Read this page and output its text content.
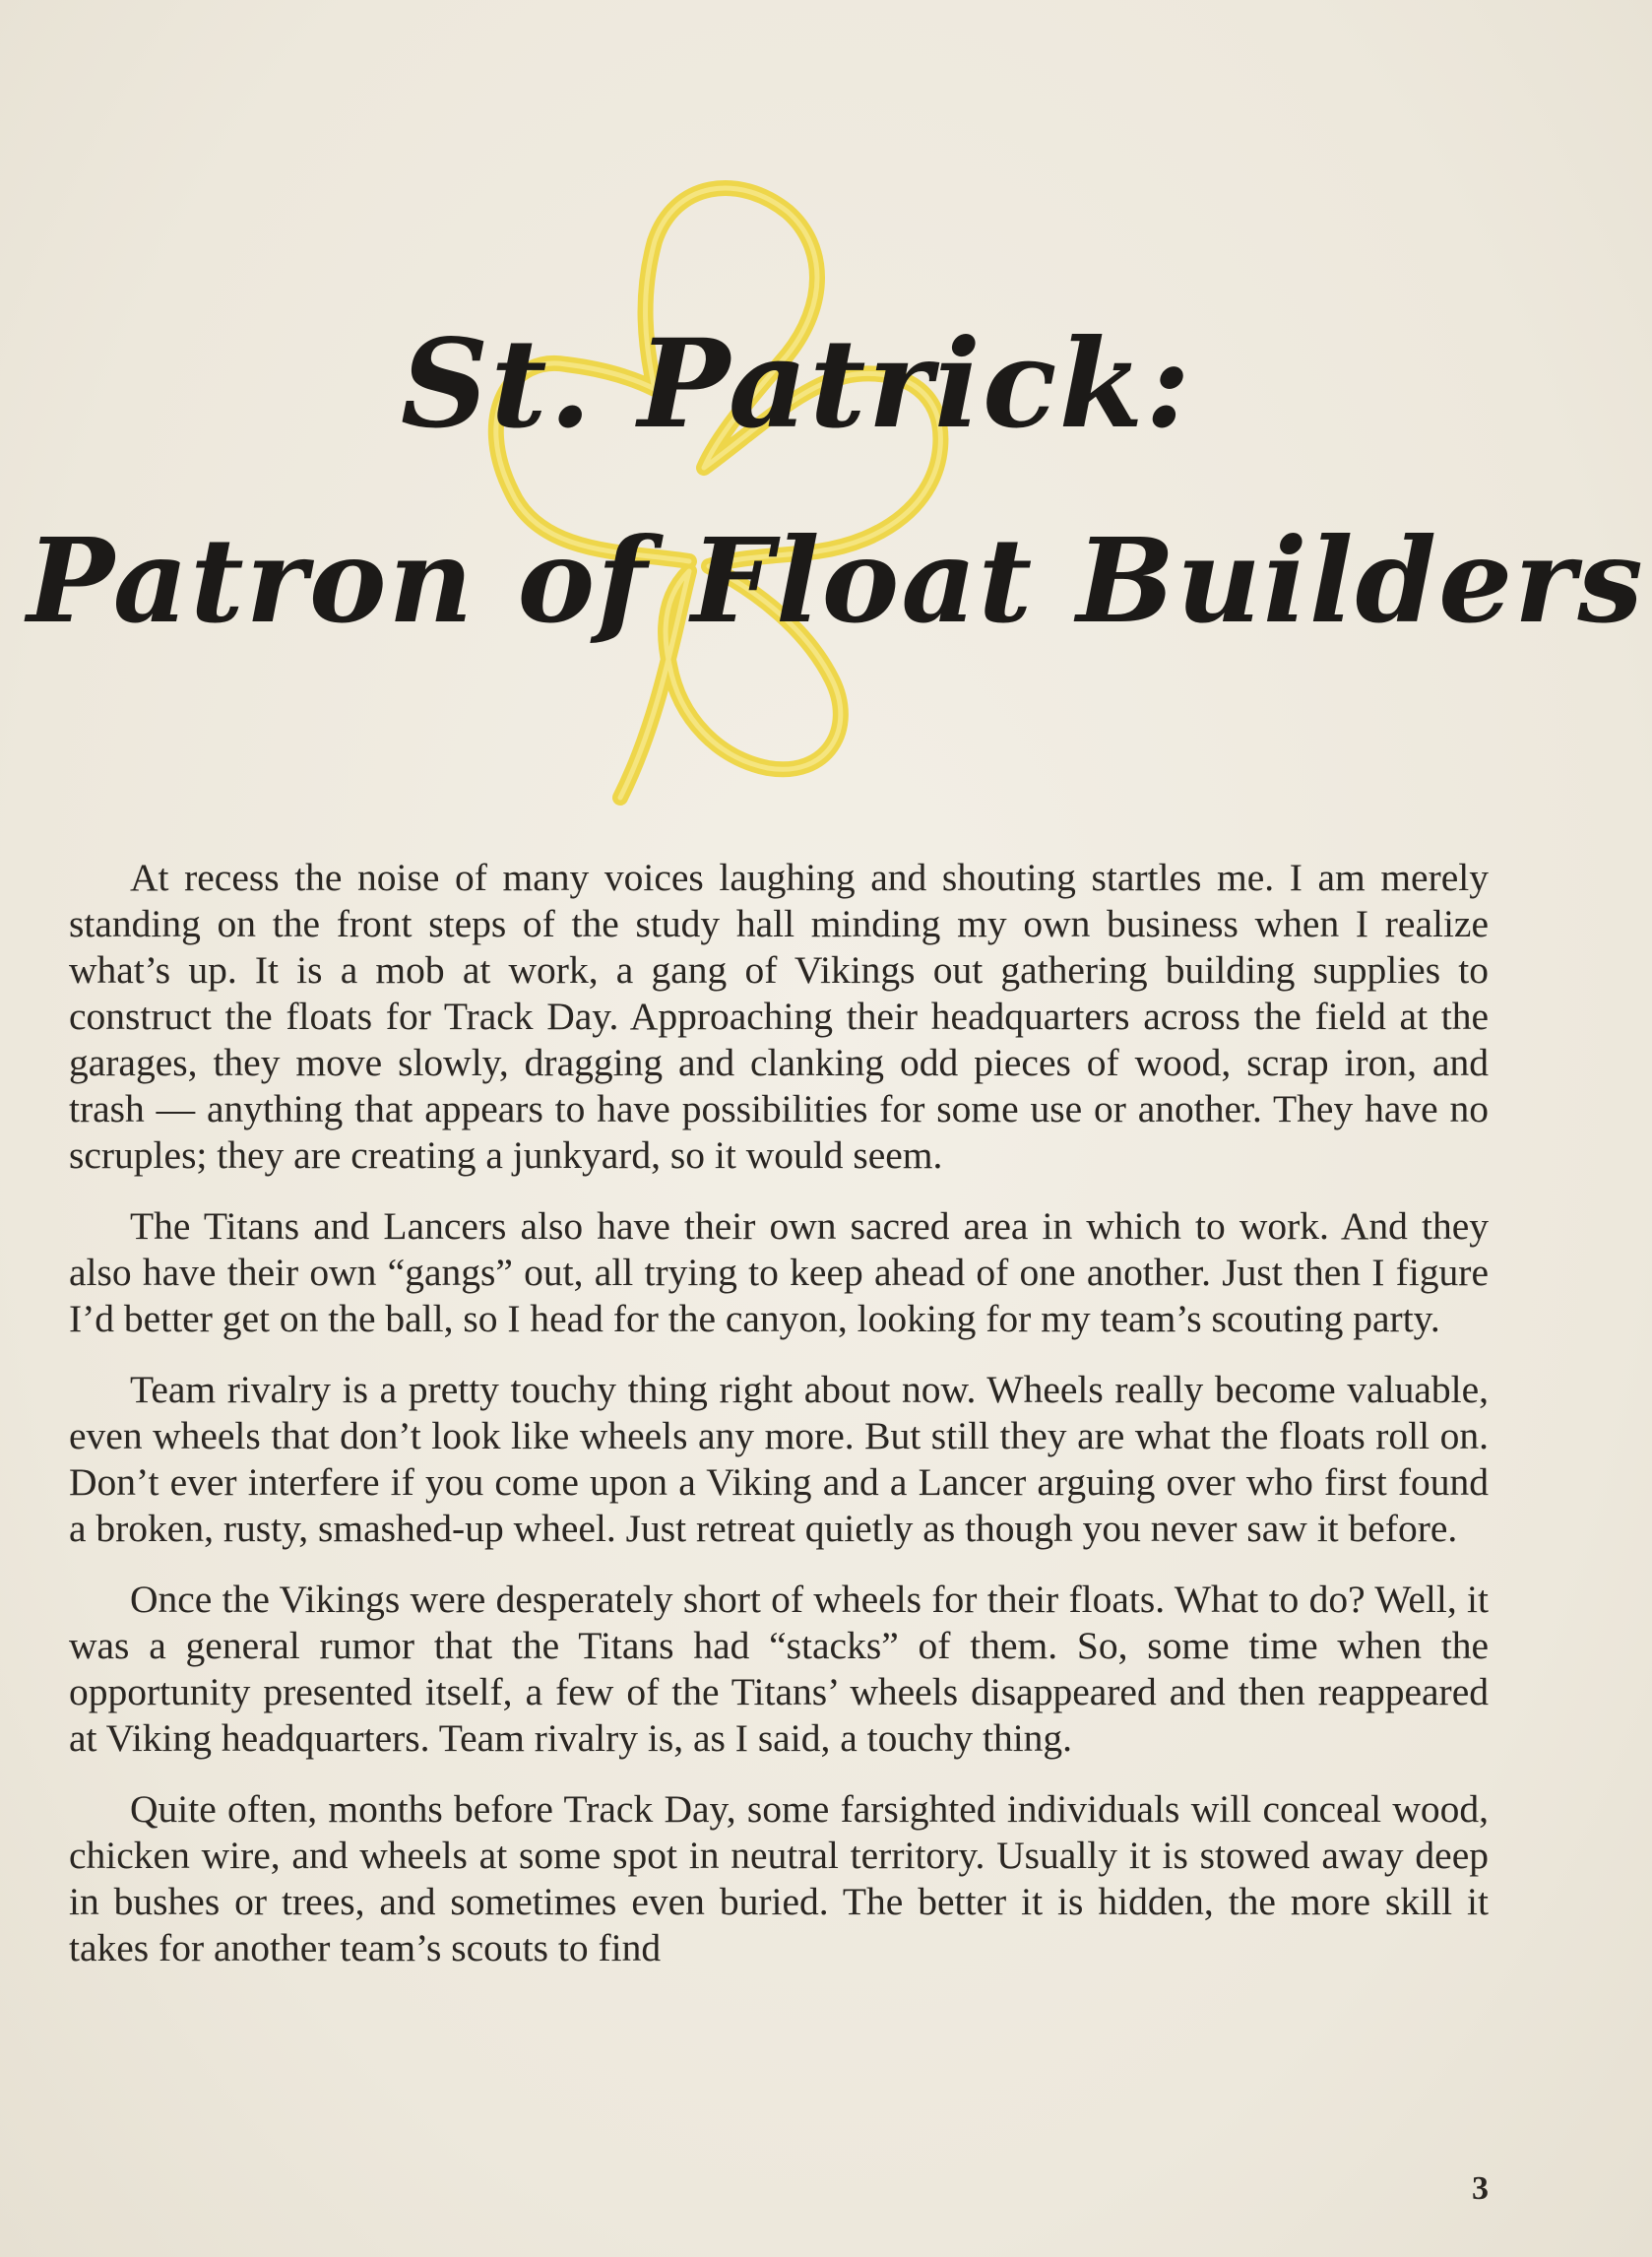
St. Patrick:
Patron of Float Builders

At recess the noise of many voices laughing and shouting startles me. I am merely standing on the front steps of the study hall minding my own business when I realize what’s up. It is a mob at work, a gang of Vikings out gathering building supplies to construct the floats for Track Day. Approaching their headquarters across the field at the garages, they move slowly, dragging and clanking odd pieces of wood, scrap iron, and trash — anything that appears to have possibilities for some use or another. They have no scruples; they are creating a junkyard, so it would seem.

The Titans and Lancers also have their own sacred area in which to work. And they also have their own “gangs” out, all trying to keep ahead of one another. Just then I figure I’d better get on the ball, so I head for the canyon, looking for my team’s scouting party.

Team rivalry is a pretty touchy thing right about now. Wheels really become valuable, even wheels that don’t look like wheels any more. But still they are what the floats roll on. Don’t ever interfere if you come upon a Viking and a Lancer arguing over who first found a broken, rusty, smashed-up wheel. Just retreat quietly as though you never saw it before.

Once the Vikings were desperately short of wheels for their floats. What to do? Well, it was a general rumor that the Titans had “stacks” of them. So, some time when the opportunity presented itself, a few of the Titans’ wheels disappeared and then reappeared at Viking headquarters. Team rivalry is, as I said, a touchy thing.

Quite often, months before Track Day, some farsighted individuals will conceal wood, chicken wire, and wheels at some spot in neutral territory. Usually it is stowed away deep in bushes or trees, and sometimes even buried. The better it is hidden, the more skill it takes for another team’s scouts to find

3
